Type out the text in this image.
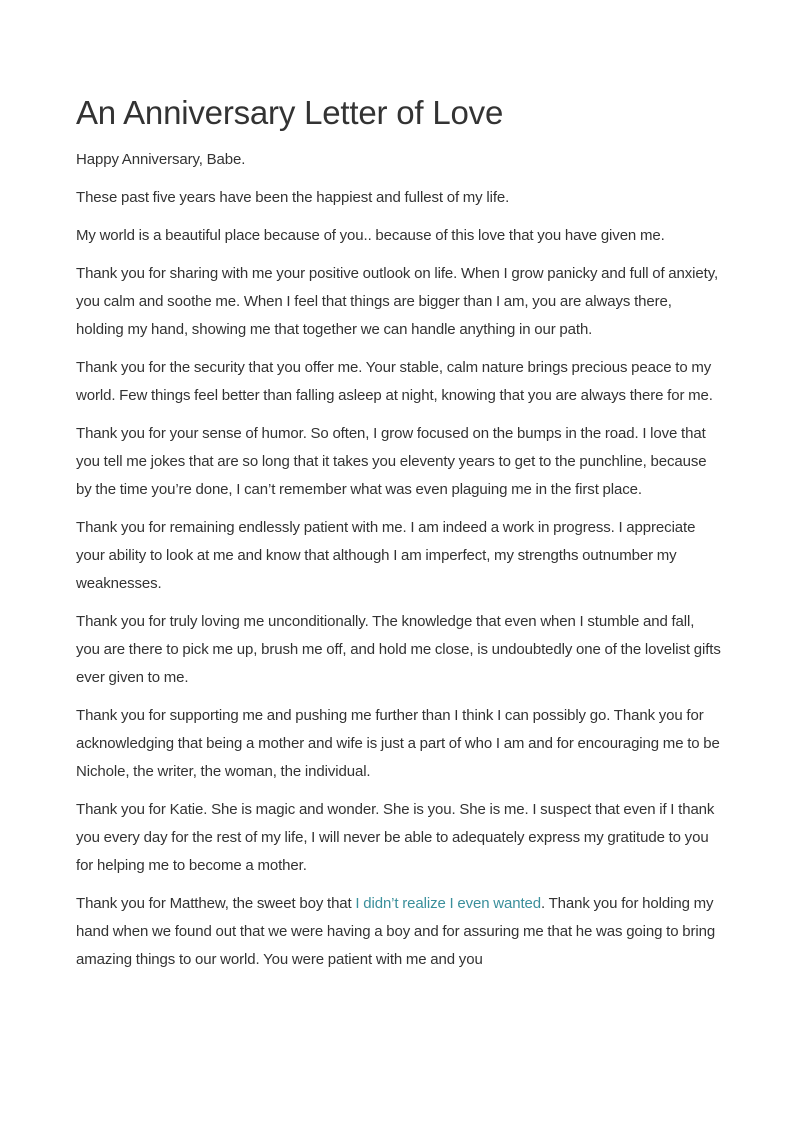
An Anniversary Letter of Love

Happy Anniversary, Babe.

These past five years have been the happiest and fullest of my life.

My world is a beautiful place because of you.. because of this love that you have given me.

Thank you for sharing with me your positive outlook on life. When I grow panicky and full of anxiety, you calm and soothe me. When I feel that things are bigger than I am, you are always there, holding my hand, showing me that together we can handle anything in our path.

Thank you for the security that you offer me. Your stable, calm nature brings precious peace to my world. Few things feel better than falling asleep at night, knowing that you are always there for me.

Thank you for your sense of humor. So often, I grow focused on the bumps in the road. I love that you tell me jokes that are so long that it takes you eleventy years to get to the punchline, because by the time you’re done, I can’t remember what was even plaguing me in the first place.

Thank you for remaining endlessly patient with me. I am indeed a work in progress. I appreciate your ability to look at me and know that although I am imperfect, my strengths outnumber my weaknesses.

Thank you for truly loving me unconditionally. The knowledge that even when I stumble and fall, you are there to pick me up, brush me off, and hold me close, is undoubtedly one of the lovelist gifts ever given to me.

Thank you for supporting me and pushing me further than I think I can possibly go. Thank you for acknowledging that being a mother and wife is just a part of who I am and for encouraging me to be Nichole, the writer, the woman, the individual.

Thank you for Katie. She is magic and wonder. She is you. She is me. I suspect that even if I thank you every day for the rest of my life, I will never be able to adequately express my gratitude to you for helping me to become a mother.

Thank you for Matthew, the sweet boy that I didn’t realize I even wanted. Thank you for holding my hand when we found out that we were having a boy and for assuring me that he was going to bring amazing things to our world. You were patient with me and you
